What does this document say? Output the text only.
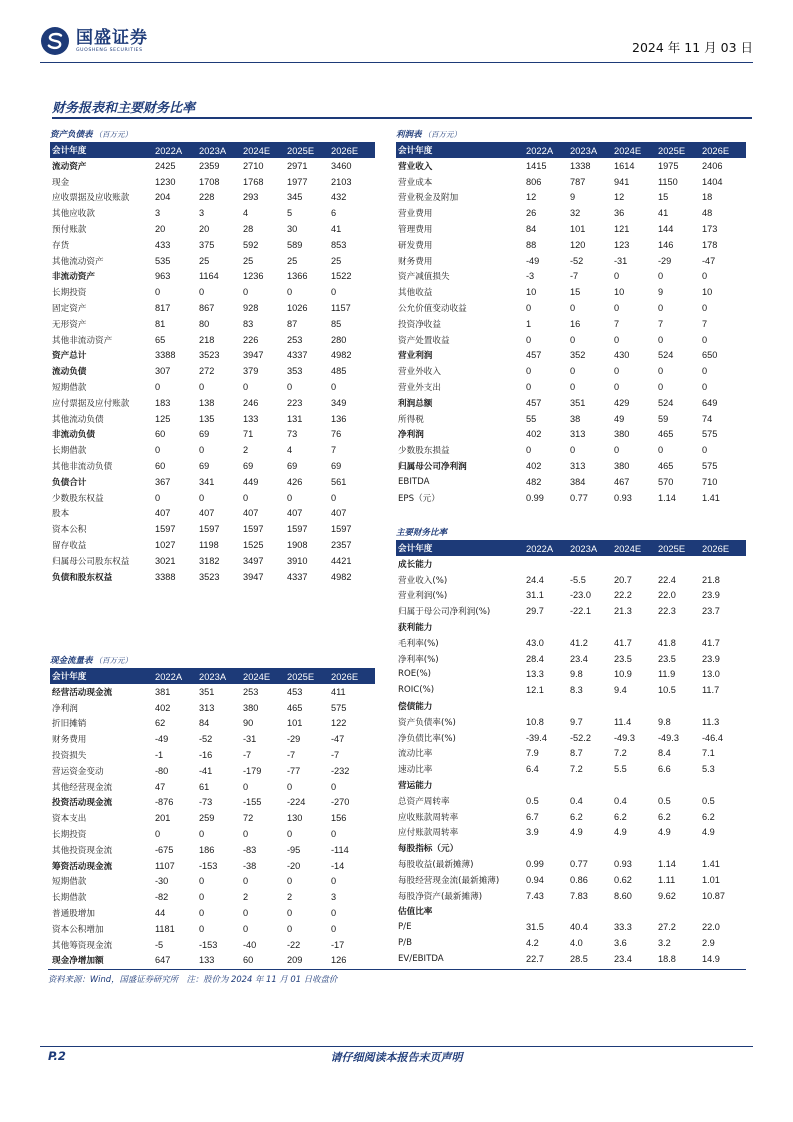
国盛证券
GUOSHENG SECURITIES	2024 年 11 月 03 日
财务报表和主要财务比率
资产负债表 （百万元）
会计年度	2022A	2023A	2024E	2025E	2026E
流动资产	2425	2359	2710	2971	3460
现金	1230	1708	1768	1977	2103
应收票据及应收账款	204	228	293	345	432
其他应收款	3	3	4	5	6
预付账款	20	20	28	30	41
存货	433	375	592	589	853
其他流动资产	535	25	25	25	25
非流动资产	963	1164	1236	1366	1522
长期投资	0	0	0	0	0
固定资产	817	867	928	1026	1157
无形资产	81	80	83	87	85
其他非流动资产	65	218	226	253	280
资产总计	3388	3523	3947	4337	4982
流动负债	307	272	379	353	485
短期借款	0	0	0	0	0
应付票据及应付账款	183	138	246	223	349
其他流动负债	125	135	133	131	136
非流动负债	60	69	71	73	76
长期借款	0	0	2	4	7
其他非流动负债	60	69	69	69	69
负债合计	367	341	449	426	561
少数股东权益	0	0	0	0	0
股本	407	407	407	407	407
资本公积	1597	1597	1597	1597	1597
留存收益	1027	1198	1525	1908	2357
归属母公司股东权益	3021	3182	3497	3910	4421
负债和股东权益	3388	3523	3947	4337	4982
现金流量表 （百万元）
会计年度	2022A	2023A	2024E	2025E	2026E
经营活动现金流	381	351	253	453	411
净利润	402	313	380	465	575
折旧摊销	62	84	90	101	122
财务费用	-49	-52	-31	-29	-47
投资损失	-1	-16	-7	-7	-7
营运资金变动	-80	-41	-179	-77	-232
其他经营现金流	47	61	0	0	0
投资活动现金流	-876	-73	-155	-224	-270
资本支出	201	259	72	130	156
长期投资	0	0	0	0	0
其他投资现金流	-675	186	-83	-95	-114
筹资活动现金流	1107	-153	-38	-20	-14
短期借款	-30	0	0	0	0
长期借款	-82	0	2	2	3
普通股增加	44	0	0	0	0
资本公积增加	1181	0	0	0	0
其他筹资现金流	-5	-153	-40	-22	-17
现金净增加额	647	133	60	209	126
利润表 （百万元）
会计年度	2022A	2023A	2024E	2025E	2026E
营业收入	1415	1338	1614	1975	2406
营业成本	806	787	941	1150	1404
营业税金及附加	12	9	12	15	18
营业费用	26	32	36	41	48
管理费用	84	101	121	144	173
研发费用	88	120	123	146	178
财务费用	-49	-52	-31	-29	-47
资产减值损失	-3	-7	0	0	0
其他收益	10	15	10	9	10
公允价值变动收益	0	0	0	0	0
投资净收益	1	16	7	7	7
资产处置收益	0	0	0	0	0
营业利润	457	352	430	524	650
营业外收入	0	0	0	0	0
营业外支出	0	0	0	0	0
利润总额	457	351	429	524	649
所得税	55	38	49	59	74
净利润	402	313	380	465	575
少数股东损益	0	0	0	0	0
归属母公司净利润	402	313	380	465	575
EBITDA	482	384	467	570	710
EPS（元）	0.99	0.77	0.93	1.14	1.41
主要财务比率
会计年度	2022A	2023A	2024E	2025E	2026E
成长能力
营业收入(%)	24.4	-5.5	20.7	22.4	21.8
营业利润(%)	31.1	-23.0	22.2	22.0	23.9
归属于母公司净利润(%)	29.7	-22.1	21.3	22.3	23.7
获利能力
毛利率(%)	43.0	41.2	41.7	41.8	41.7
净利率(%)	28.4	23.4	23.5	23.5	23.9
ROE(%)	13.3	9.8	10.9	11.9	13.0
ROIC(%)	12.1	8.3	9.4	10.5	11.7
偿债能力
资产负债率(%)	10.8	9.7	11.4	9.8	11.3
净负债比率(%)	-39.4	-52.2	-49.3	-49.3	-46.4
流动比率	7.9	8.7	7.2	8.4	7.1
速动比率	6.4	7.2	5.5	6.6	5.3
营运能力
总资产周转率	0.5	0.4	0.4	0.5	0.5
应收账款周转率	6.7	6.2	6.2	6.2	6.2
应付账款周转率	3.9	4.9	4.9	4.9	4.9
每股指标（元）
每股收益(最新摊薄)	0.99	0.77	0.93	1.14	1.41
每股经营现金流(最新摊薄)	0.94	0.86	0.62	1.11	1.01
每股净资产(最新摊薄)	7.43	7.83	8.60	9.62	10.87
估值比率
P/E	31.5	40.4	33.3	27.2	22.0
P/B	4.2	4.0	3.6	3.2	2.9
EV/EBITDA	22.7	28.5	23.4	18.8	14.9
资料来源：Wind，国盛证券研究所　注：股价为 2024 年 11 月 01 日收盘价
请仔细阅读本报告末页声明
P.2
